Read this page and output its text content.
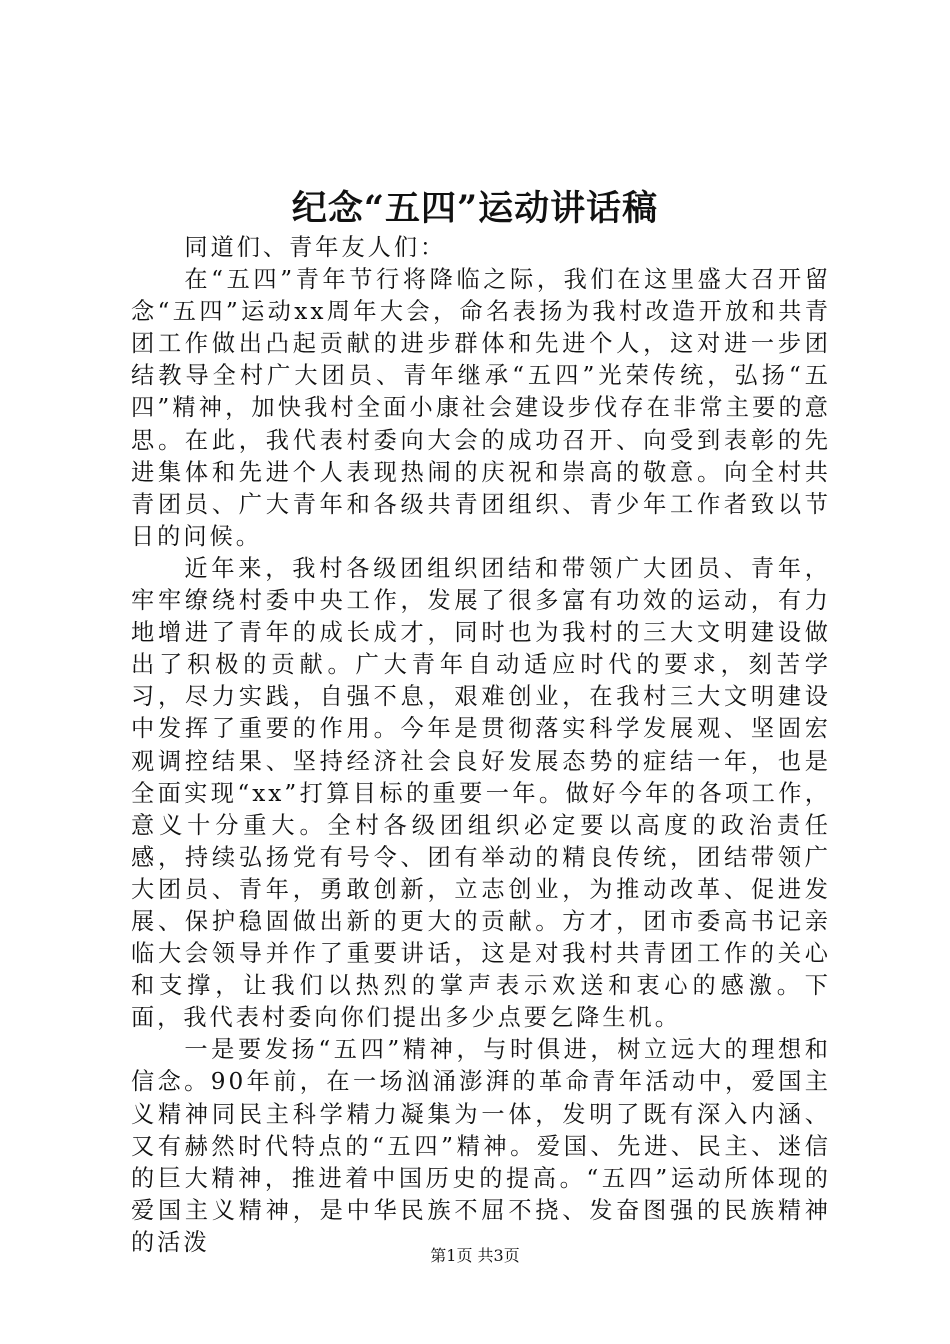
纪念“五四”运动讲话稿

同道们、青年友人们：

在“五四”青年节行将降临之际，我们在这里盛大召开留念“五四”运动xx周年大会，命名表扬为我村改造开放和共青团工作做出凸起贡献的进步群体和先进个人，这对进一步团结教导全村广大团员、青年继承“五四”光荣传统，弘扬“五四”精神，加快我村全面小康社会建设步伐存在非常主要的意思。在此，我代表村委向大会的成功召开、向受到表彰的先进集体和先进个人表现热闹的庆祝和崇高的敬意。向全村共青团员、广大青年和各级共青团组织、青少年工作者致以节日的问候。

近年来，我村各级团组织团结和带领广大团员、青年，牢牢缭绕村委中央工作，发展了很多富有功效的运动，有力地增进了青年的成长成才，同时也为我村的三大文明建设做出了积极的贡献。广大青年自动适应时代的要求，刻苦学习，尽力实践，自强不息，艰难创业，在我村三大文明建设中发挥了重要的作用。今年是贯彻落实科学发展观、坚固宏观调控结果、坚持经济社会良好发展态势的症结一年，也是全面实现“xx”打算目标的重要一年。做好今年的各项工作，意义十分重大。全村各级团组织必定要以高度的政治责任感，持续弘扬党有号令、团有举动的精良传统，团结带领广大团员、青年，勇敢创新，立志创业，为推动改革、促进发展、保护稳固做出新的更大的贡献。方才，团市委高书记亲临大会领导并作了重要讲话，这是对我村共青团工作的关心和支撑，让我们以热烈的掌声表示欢送和衷心的感激。下面，我代表村委向你们提出多少点要乞降生机。

一是要发扬“五四”精神，与时俱进，树立远大的理想和信念。90年前，在一场汹涌澎湃的革命青年活动中，爱国主义精神同民主科学精力凝集为一体，发明了既有深入内涵、又有赫然时代特点的“五四”精神。爱国、先进、民主、迷信的巨大精神，推进着中国历史的提高。“五四”运动所体现的爱国主义精神，是中华民族不屈不挠、发奋图强的民族精神的活泼	第1页 共3页
